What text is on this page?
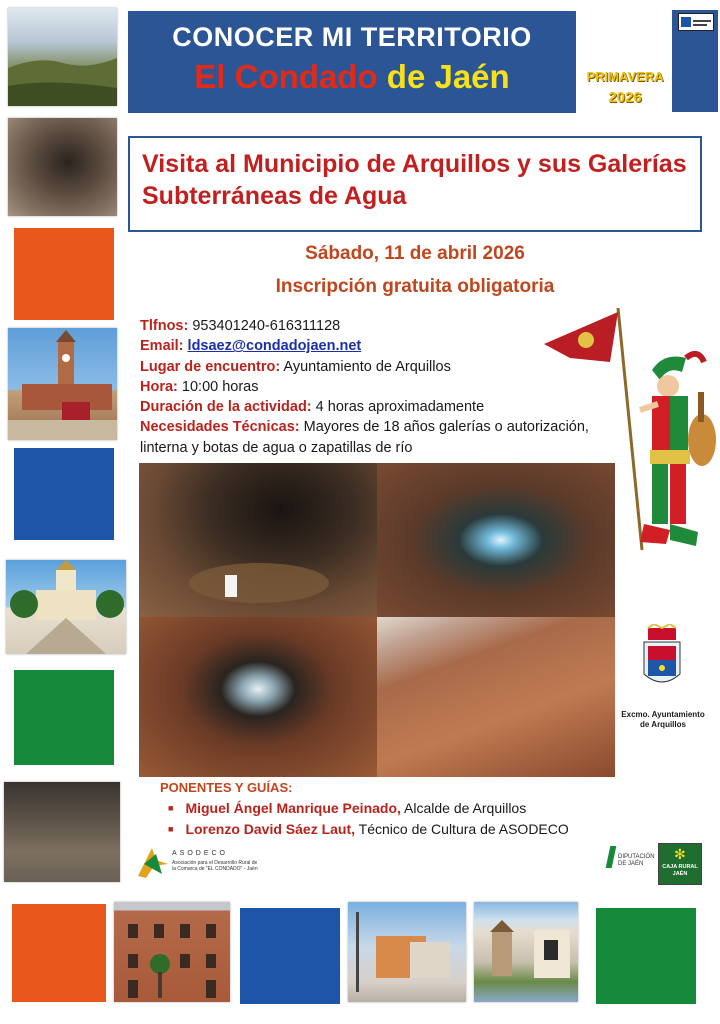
CONOCER MI TERRITORIO
El Condado de Jaén	PRIMAVERA
2026
Visita al Municipio de Arquillos y sus Galerías Subterráneas de Agua
Sábado, 11 de abril 2026
Inscripción gratuita obligatoria
Tlfnos: 953401240-616311128
Email: ldsaez@condadojaen.net
Lugar de encuentro: Ayuntamiento de Arquillos
Hora: 10:00 horas
Duración de la actividad: 4 horas aproximadamente
Necesidades Técnicas: Mayores de 18 años galerías o autorización, linterna y botas de agua o zapatillas de río
Excmo. Ayuntamiento de Arquillos
PONENTES Y GUÍAS:
■ Miguel Ángel Manrique Peinado, Alcalde de Arquillos
■ Lorenzo David Sáez Laut, Técnico de Cultura de ASODECO
ASODECO
Asociación para el Desarrollo Rural de la Comarca de "EL CONDADO" - Jaén
DIPUTACIÓN DE JAÉN
✻
CAJA RURAL JAÉN
